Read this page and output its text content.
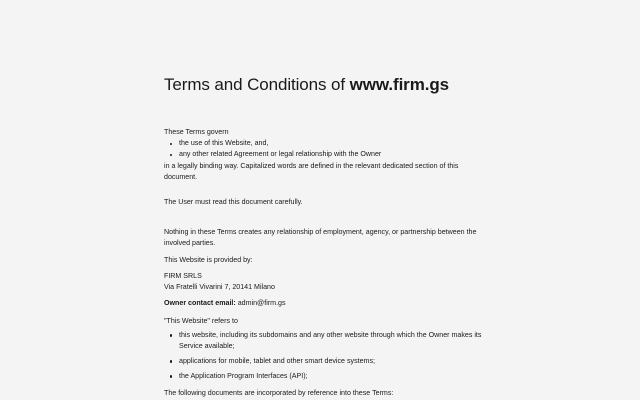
Terms and Conditions of www.firm.gs

These Terms govern

the use of this Website, and,
any other related Agreement or legal relationship with the Owner

in a legally binding way. Capitalized words are defined in the relevant dedicated section of this document.

The User must read this document carefully.

Nothing in these Terms creates any relationship of employment, agency, or partnership between the involved parties.

This Website is provided by:

FIRM SRLS

Via Fratelli Vivarini 7, 20141 Milano

Owner contact email: admin@firm.gs

"This Website" refers to

this website, including its subdomains and any other website through which the Owner makes its Service available;
applications for mobile, tablet and other smart device systems;
the Application Program Interfaces (API);

The following documents are incorporated by reference into these Terms:
